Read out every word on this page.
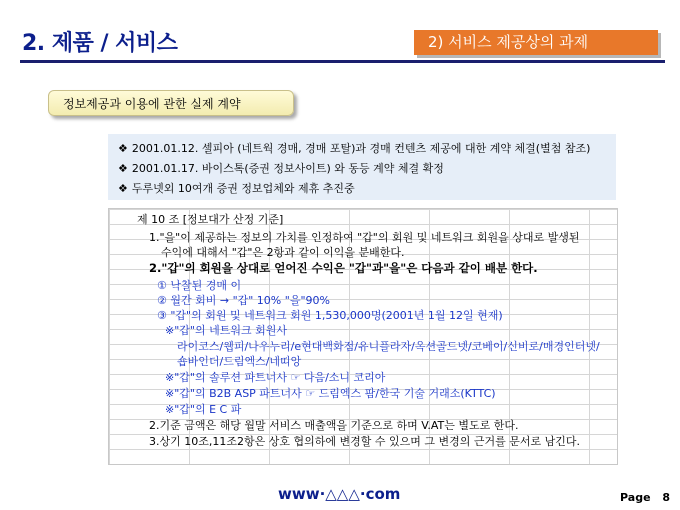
2. 제품 / 서비스	2) 서비스 제공상의 과제
정보제공과 이용에 관한 실제 계약
❖ 2001.01.12. 셀피아 (네트웍 경매, 경매 포탈)과 경매 컨텐츠 제공에 대한 계약 체결(별첨 참조)
❖ 2001.01.17. 바이스톡(증권 정보사이트) 와 동등 계약 체결 확정
❖ 두루넷외 10여개 증권 정보업체와 제휴 추진중
제 10 조 [정보대가 산정 기준]
1."을"이 제공하는 정보의 가치를 인정하여 "갑"의 회원 및 네트워크 회원을 상대로 발생된
수익에 대해서 "갑"은 2항과 같이 이익을 분배한다.
2."갑"의 회원을 상대로 얻어진 수익은 "갑"과"을"은 다음과 같이 배분 한다.
① 낙찰된 경매 이
② 월간 회비 → "갑" 10% "을"90%
③ "갑"의 회원 및 네트워크 회원 1,530,000명(2001년 1월 12일 현재)
※"갑"의 네트워크 회원사
라이코스/웹피/나우누리/e현대백화점/유니플라자/옥션골드넷/코베이/신비로/매경인터넷/
숍바인더/드림엑스/네띠앙
※"갑"의 솔루션 파트너사 ☞ 다음/소니 코리아
※"갑"의 B2B ASP 파트너사 ☞ 드림엑스 팜/한국 기술 거래소(KTTC)
※"갑"의 E C 파
2.기준 금액은 해당 월말 서비스 매출액을 기준으로 하며 V.AT는 별도로 한다.
3.상기 10조,11조2항은 상호 협의하에 변경할 수 있으며 그 변경의 근거를 문서로 남긴다.
www·△△△·com	Page 8
